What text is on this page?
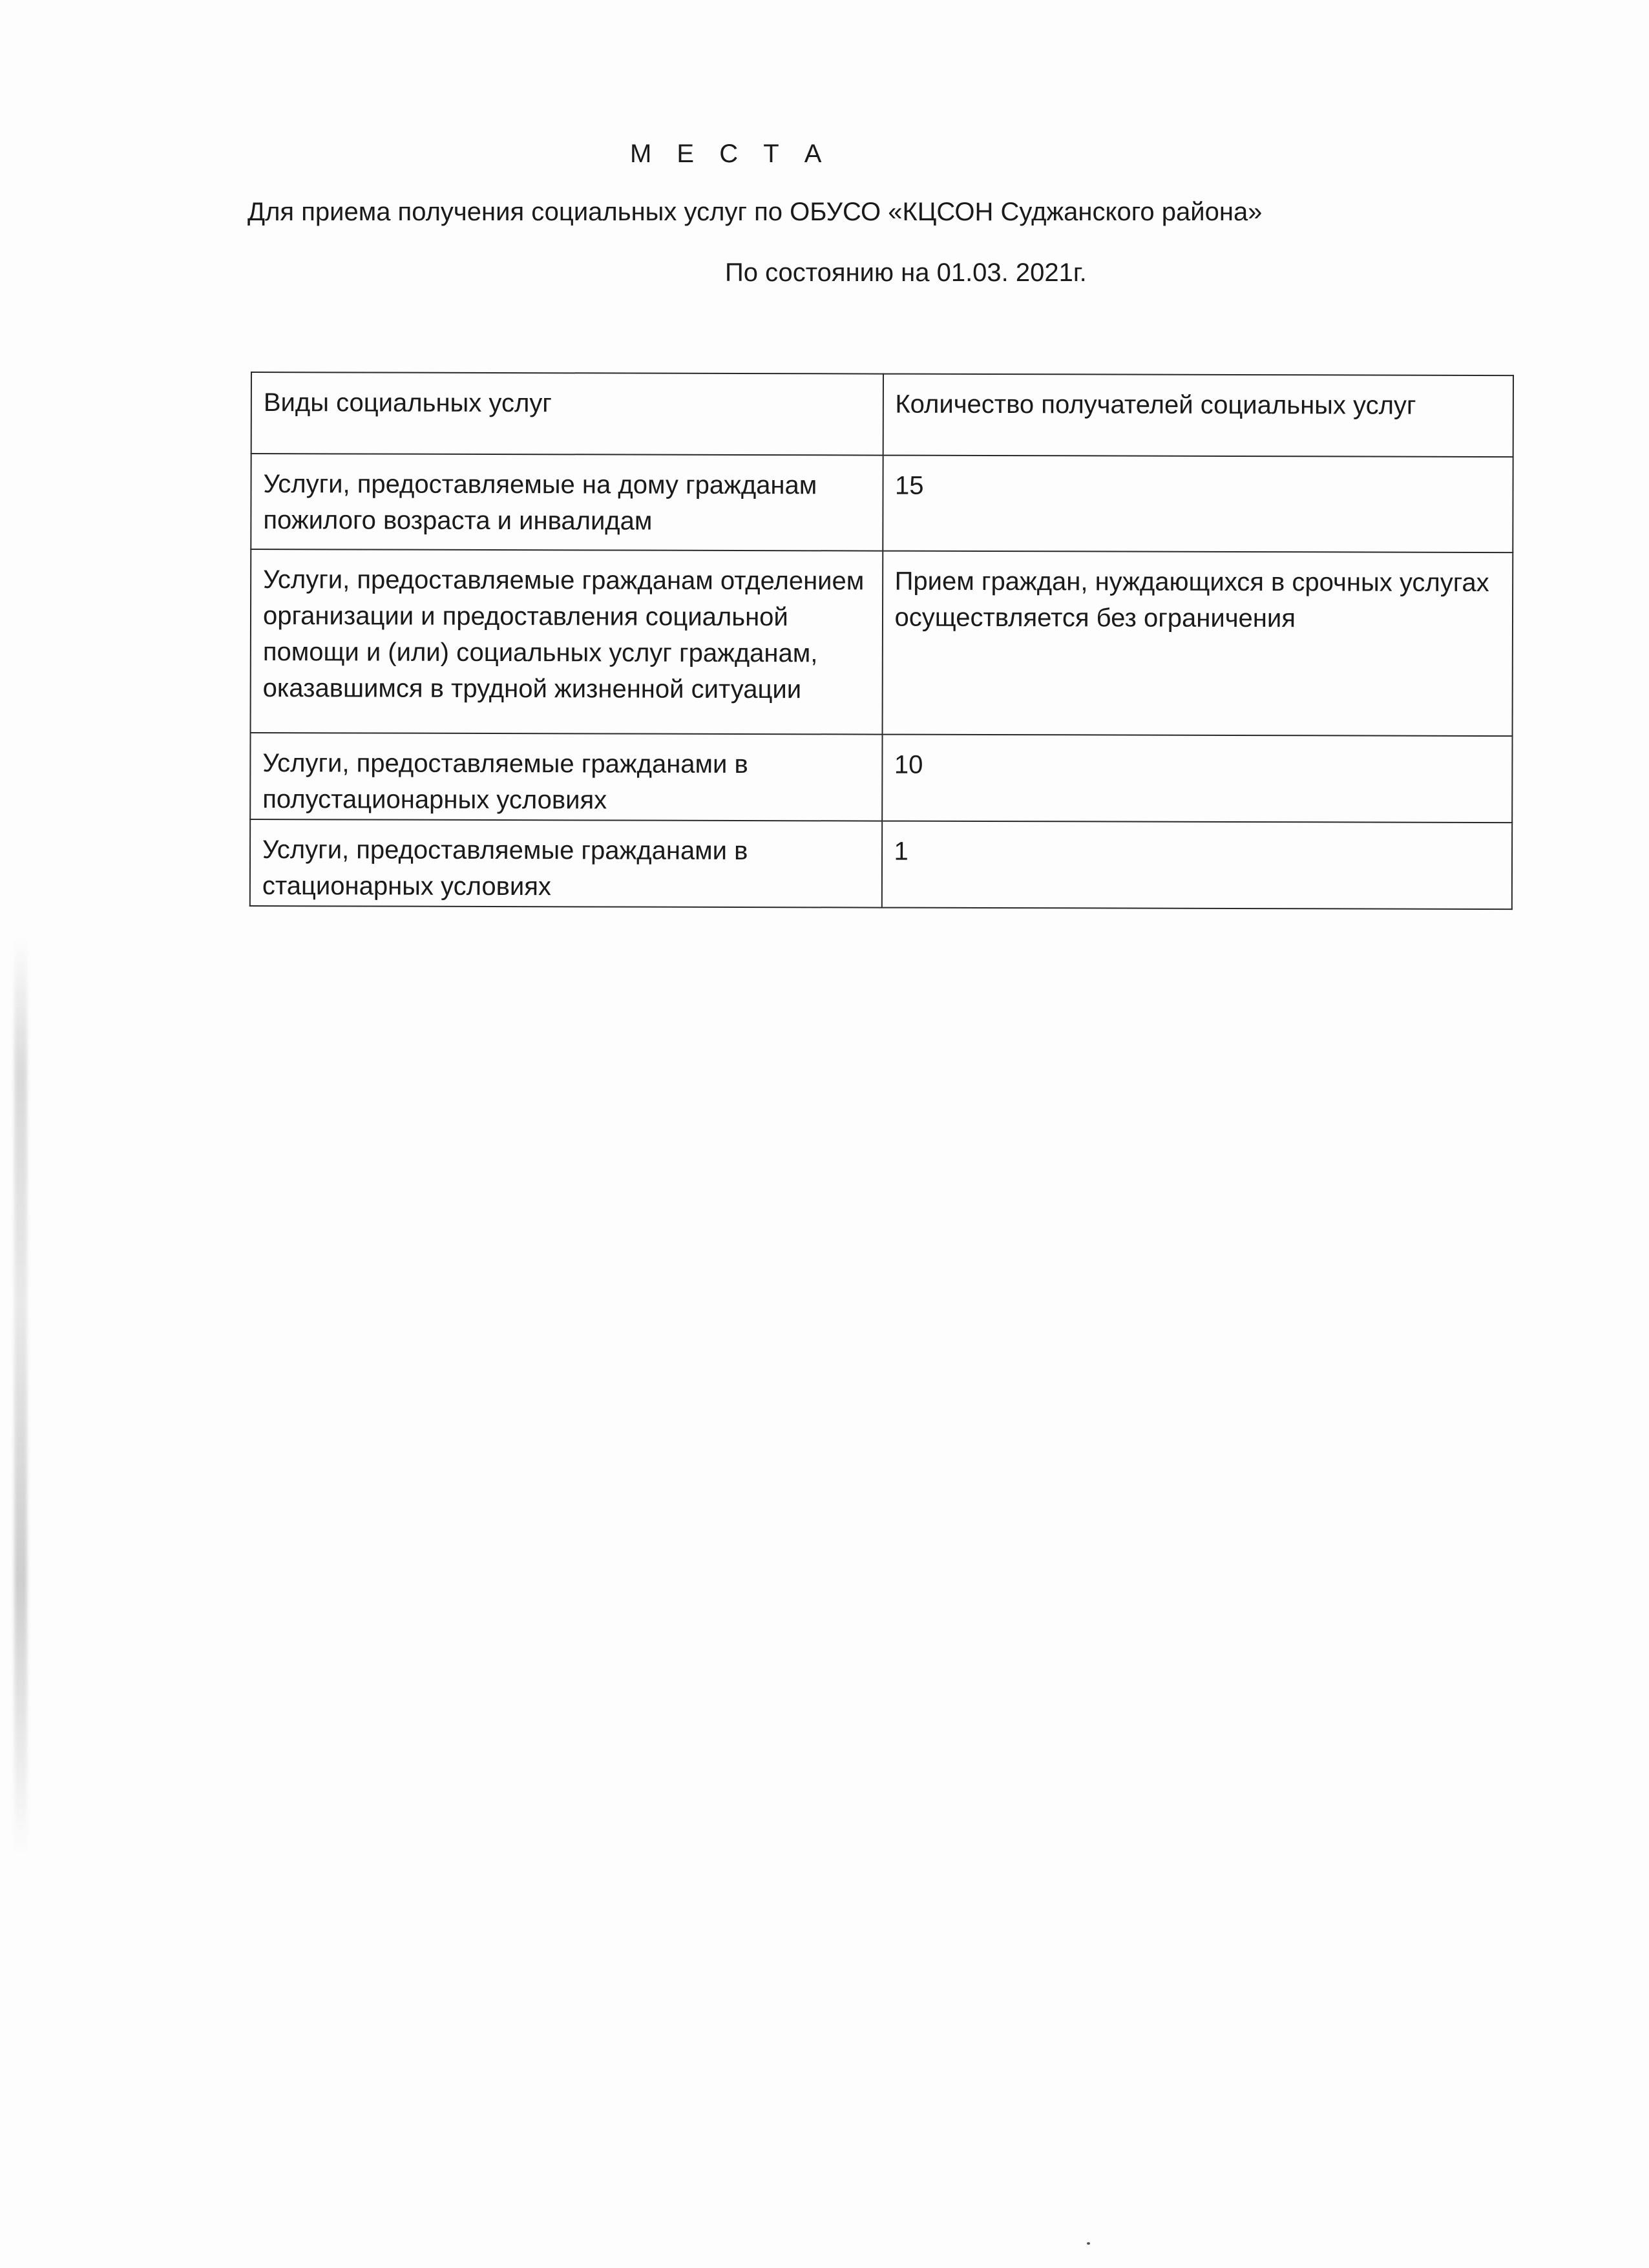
М Е С Т А
Для приема получения социальных услуг по ОБУСО «КЦСОН Суджанского района»
По состоянию на 01.03. 2021г.
Виды социальных услуг	Количество получателей социальных услуг
Услуги, предоставляемые на дому гражданам пожилого возраста и инвалидам	15
Услуги, предоставляемые гражданам отделением организации и предоставления социальной помощи и (или) социальных услуг гражданам, оказавшимся в трудной жизненной ситуации	Прием граждан, нуждающихся в срочных услугах осуществляется без ограничения
Услуги, предоставляемые гражданами в полустационарных условиях	10
Услуги, предоставляемые гражданами в стационарных условиях	1
